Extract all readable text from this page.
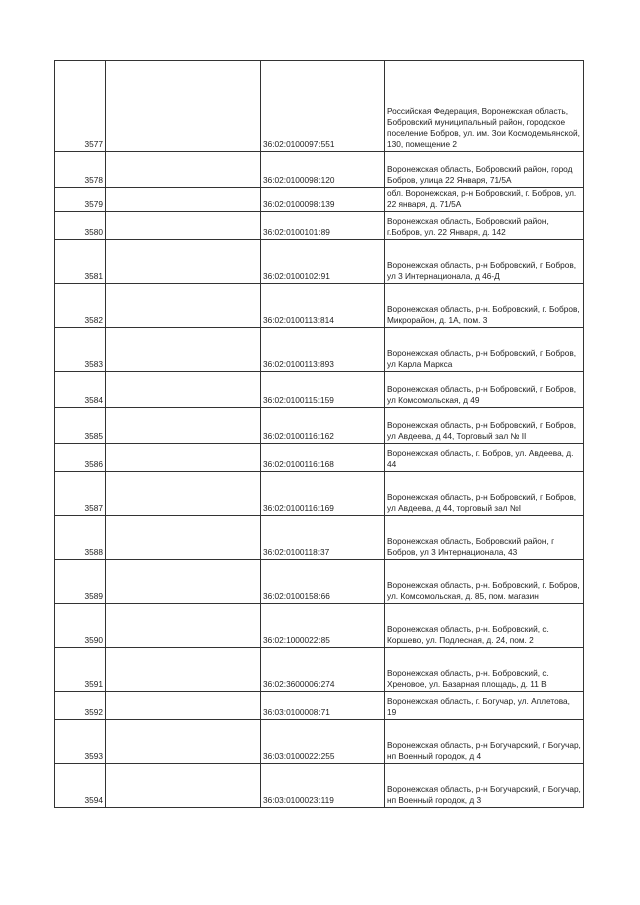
3577		36:02:0100097:551	Российская Федерация, Воронежская область, Бобровский муниципальный район, городское поселение Бобров, ул. им. Зои Космодемьянской, 130, помещение 2
3578		36:02:0100098:120	Воронежская область, Бобровский район, город Бобров, улица 22 Января, 71/5А
3579		36:02:0100098:139	обл. Воронежская, р-н Бобровский, г. Бобров, ул. 22 января, д. 71/5А
3580		36:02:0100101:89	Воронежская область, Бобровский район, г.Бобров, ул. 22 Января, д. 142
3581		36:02:0100102:91	Воронежская область, р-н Бобровский, г Бобров, ул 3 Интернационала, д 46-Д
3582		36:02:0100113:814	Воронежская область, р-н. Бобровский, г. Бобров, Микрорайон, д. 1А, пом. 3
3583		36:02:0100113:893	Воронежская область, р-н Бобровский, г Бобров, ул Карла Маркса
3584		36:02:0100115:159	Воронежская область, р-н Бобровский, г Бобров, ул Комсомольская, д 49
3585		36:02:0100116:162	Воронежская область, р-н Бобровский, г Бобров, ул Авдеева, д 44, Торговый зал № II
3586		36:02:0100116:168	Воронежская область, г. Бобров, ул. Авдеева, д. 44
3587		36:02:0100116:169	Воронежская область, р-н Бобровский, г Бобров, ул Авдеева, д 44, торговый зал №I
3588		36:02:0100118:37	Воронежская область, Бобровский район, г Бобров, ул 3 Интернационала, 43
3589		36:02:0100158:66	Воронежская область, р-н. Бобровский, г. Бобров, ул. Комсомольская, д. 85, пом. магазин
3590		36:02:1000022:85	Воронежская область, р-н. Бобровский, с. Коршево, ул. Подлесная, д. 24, пом. 2
3591		36:02:3600006:274	Воронежская область, р-н. Бобровский, с. Хреновое, ул. Базарная площадь, д. 11 В
3592		36:03:0100008:71	Воронежская область, г. Богучар, ул. Аплетова, 19
3593		36:03:0100022:255	Воронежская область, р-н Богучарский, г Богучар, нп Военный городок, д 4
3594		36:03:0100023:119	Воронежская область, р-н Богучарский, г Богучар, нп Военный городок, д 3
